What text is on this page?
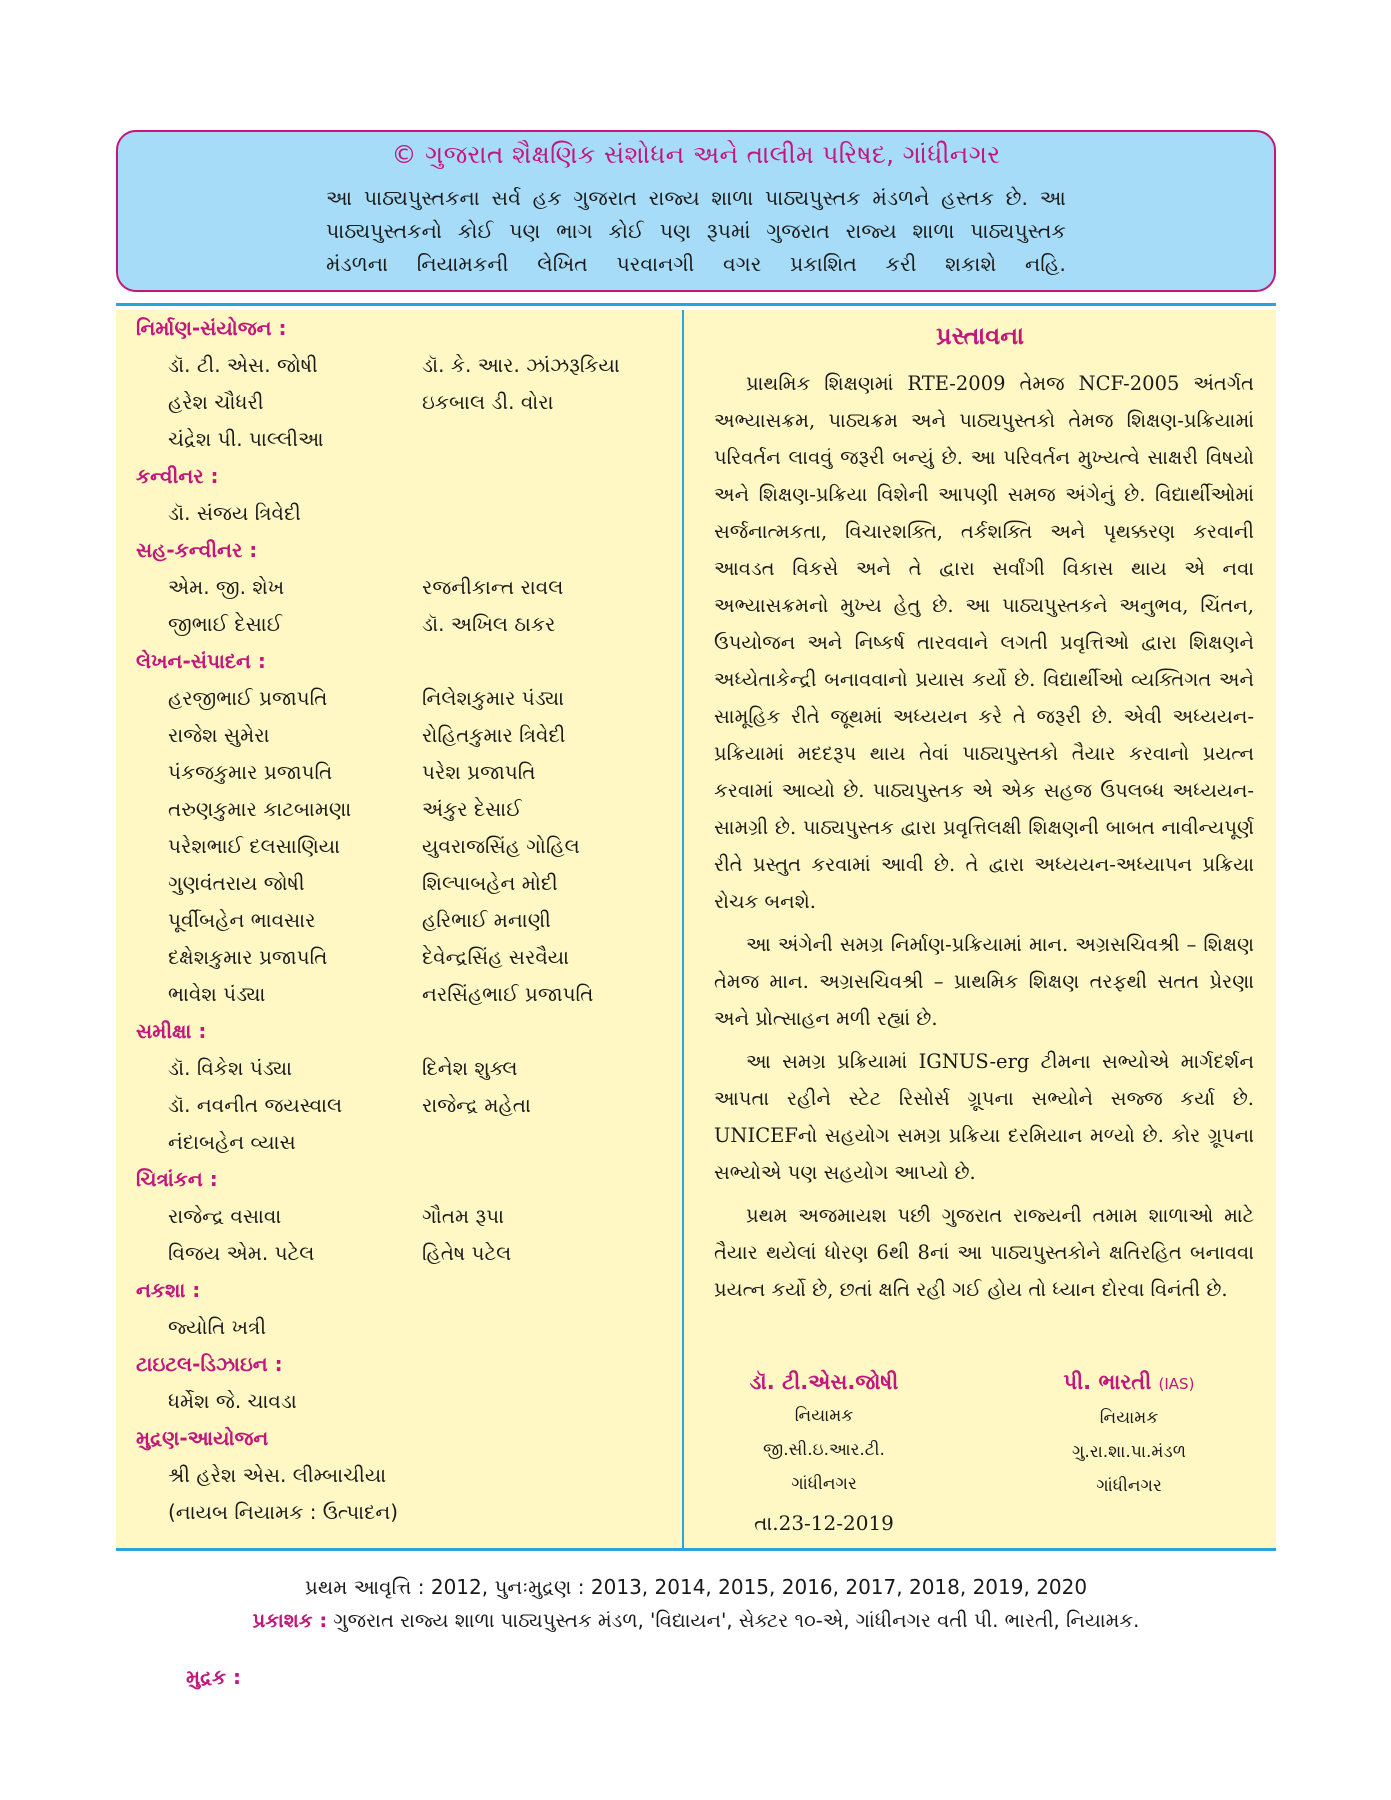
© ગુજરાત શૈક્ષણિક સંશોધન અને તાલીમ પરિષદ, ગાંધીનગર
આ પાઠ્યપુસ્તકના સર્વ હક ગુજરાત રાજ્ય શાળા પાઠ્યપુસ્તક મંડળને હસ્તક છે. આ
પાઠ્યપુસ્તકનો કોઈ પણ ભાગ કોઈ પણ રૂપમાં ગુજરાત રાજ્ય શાળા પાઠ્યપુસ્તક
મંડળના નિયામકની લેખિત પરવાનગી વગર પ્રકાશિત કરી શકાશે નહિ.
નિર્માણ-સંયોજન :
ડૉ. ટી. એસ. જોષી	ડૉ. કે. આર. ઝાંઝરૂકિયા
હરેશ ચૌધરી	ઇકબાલ ડી. વોરા
ચંદ્રેશ પી. પાલ્લીઆ
કન્વીનર :
ડૉ. સંજય ત્રિવેદી
સહ-કન્વીનર :
એમ. જી. શેખ	રજનીકાન્ત રાવલ
જીભાઈ દેસાઈ	ડૉ. અખિલ ઠાકર
લેખન-સંપાદન :
હરજીભાઈ પ્રજાપતિ	નિલેશકુમાર પંડ્યા
રાજેશ સુમેરા	રોહિતકુમાર ત્રિવેદી
પંકજકુમાર પ્રજાપતિ	પરેશ પ્રજાપતિ
તરુણકુમાર કાટબામણા	અંકુર દેસાઈ
પરેશભાઈ દલસાણિયા	યુવરાજસિંહ ગોહિલ
ગુણવંતરાય જોષી	શિલ્પાબહેન મોદી
પૂર્વીબહેન ભાવસાર	હરિભાઈ મનાણી
દક્ષેશકુમાર પ્રજાપતિ	દેવેન્દ્રસિંહ સરવૈયા
ભાવેશ પંડ્યા	નરસિંહભાઈ પ્રજાપતિ
સમીક્ષા :
ડૉ. વિકેશ પંડ્યા	દિનેશ શુક્લ
ડૉ. નવનીત જયસ્વાલ	રાજેન્દ્ર મહેતા
નંદાબહેન વ્યાસ
ચિત્રાંકન :
રાજેન્દ્ર વસાવા	ગૌતમ રૂપા
વિજય એમ. પટેલ	હિતેષ પટેલ
નકશા :
જ્યોતિ ખત્રી
ટાઇટલ-ડિઝાઇન :
ધર્મેશ જે. ચાવડા
મુદ્રણ-આયોજન
શ્રી હરેશ એસ. લીમ્બાચીયા
(નાયબ નિયામક : ઉત્પાદન)
પ્રસ્તાવના

પ્રાથમિક શિક્ષણમાં RTE-2009 તેમજ NCF-2005 અંતર્ગત અભ્યાસક્રમ, પાઠ્યક્રમ અને પાઠ્યપુસ્તકો તેમજ શિક્ષણ-પ્રક્રિયામાં પરિવર્તન લાવવું જરૂરી બન્યું છે. આ પરિવર્તન મુખ્યત્વે સાક્ષરી વિષયો અને શિક્ષણ-પ્રક્રિયા વિશેની આપણી સમજ અંગેનું છે. વિદ્યાર્થીઓમાં સર્જનાત્મકતા, વિચારશક્તિ, તર્કશક્તિ અને પૃથક્કરણ કરવાની આવડત વિકસે અને તે દ્વારા સર્વાંગી વિકાસ થાય એ નવા અભ્યાસક્રમનો મુખ્ય હેતુ છે. આ પાઠ્યપુસ્તકને અનુભવ, ચિંતન, ઉપયોજન અને નિષ્કર્ષ તારવવાને લગતી પ્રવૃત્તિઓ દ્વારા શિક્ષણને અધ્યેતાકેન્દ્રી બનાવવાનો પ્રયાસ કર્યો છે. વિદ્યાર્થીઓ વ્યક્તિગત અને સામૂહિક રીતે જૂથમાં અધ્યયન કરે તે જરૂરી છે. એવી અધ્યયન-પ્રક્રિયામાં મદદરૂપ થાય તેવાં પાઠ્યપુસ્તકો તૈયાર કરવાનો પ્રયત્ન કરવામાં આવ્યો છે. પાઠ્યપુસ્તક એ એક સહજ ઉપલબ્ધ અધ્યયન-સામગ્રી છે. પાઠ્યપુસ્તક દ્વારા પ્રવૃત્તિલક્ષી શિક્ષણની બાબત નાવીન્યપૂર્ણ રીતે પ્રસ્તુત કરવામાં આવી છે. તે દ્વારા અધ્યયન-અધ્યાપન પ્રક્રિયા રોચક બનશે.

આ અંગેની સમગ્ર નિર્માણ-પ્રક્રિયામાં માન. અગ્રસચિવશ્રી – શિક્ષણ તેમજ માન. અગ્રસચિવશ્રી – પ્રાથમિક શિક્ષણ તરફથી સતત પ્રેરણા અને પ્રોત્સાહન મળી રહ્યાં છે.

આ સમગ્ર પ્રક્રિયામાં IGNUS-erg ટીમના સભ્યોએ માર્ગદર્શન આપતા રહીને સ્ટેટ રિસોર્સ ગ્રૂપના સભ્યોને સજ્જ કર્યા છે. UNICEFનો સહયોગ સમગ્ર પ્રક્રિયા દરમિયાન મળ્યો છે. કોર ગ્રૂપના સભ્યોએ પણ સહયોગ આપ્યો છે.

પ્રથમ અજમાયશ પછી ગુજરાત રાજ્યની તમામ શાળાઓ માટે તૈયાર થયેલાં ધોરણ 6થી 8નાં આ પાઠ્યપુસ્તકોને ક્ષતિરહિત બનાવવા પ્રયત્ન કર્યો છે, છતાં ક્ષતિ રહી ગઈ હોય તો ધ્યાન દોરવા વિનંતી છે.

ડૉ. ટી.એસ.જોષી
નિયામક
જી.સી.ઇ.આર.ટી.
ગાંધીનગર
તા.23-12-2019
પી. ભારતી (IAS)
નિયામક
ગુ.રા.શા.પા.મંડળ
ગાંધીનગર
પ્રથમ આવૃત્તિ : 2012, પુનઃમુદ્રણ : 2013, 2014, 2015, 2016, 2017, 2018, 2019, 2020
પ્રકાશક : ગુજરાત રાજ્ય શાળા પાઠ્યપુસ્તક મંડળ, 'વિદ્યાયન', સેક્ટર ૧૦-એ, ગાંધીનગર વતી પી. ભારતી, નિયામક.
મુદ્રક :
